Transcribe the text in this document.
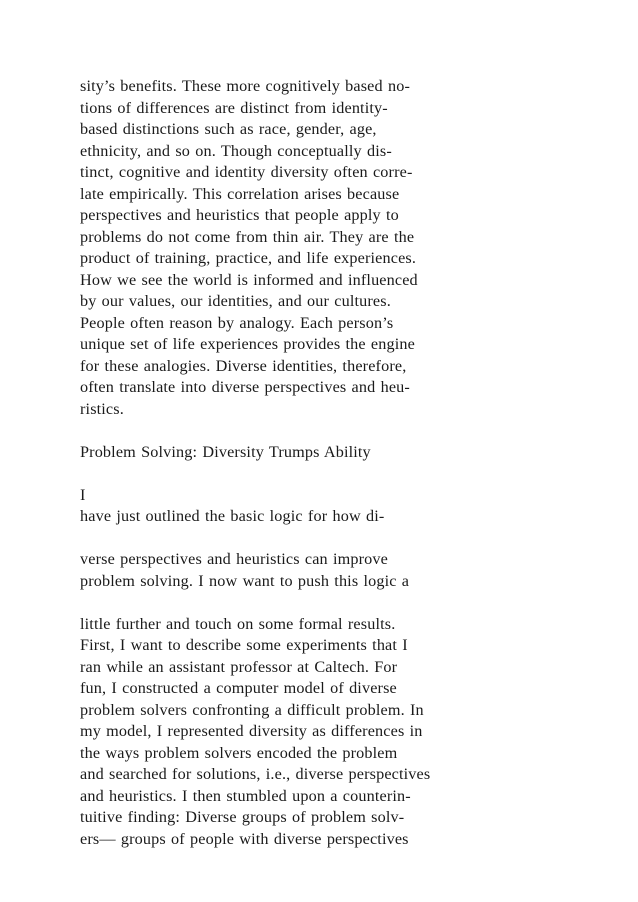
sity’s benefits. These more cognitively based no-
tions of differences are distinct from identity-
based distinctions such as race, gender, age,
ethnicity, and so on. Though conceptually dis-
tinct, cognitive and identity diversity often corre-
late empirically. This correlation arises because
perspectives and heuristics that people apply to
problems do not come from thin air. They are the
product of training, practice, and life experiences.
How we see the world is informed and influenced
by our values, our identities, and our cultures.
People often reason by analogy. Each person’s
unique set of life experiences provides the engine
for these analogies. Diverse identities, therefore,
often translate into diverse perspectives and heu-
ristics.
Problem Solving: Diversity Trumps Ability
I
have just outlined the basic logic for how di-
verse perspectives and heuristics can improve
problem solving. I now want to push this logic a
little further and touch on some formal results.
First, I want to describe some experiments that I
ran while an assistant professor at Caltech. For
fun, I constructed a computer model of diverse
problem solvers confronting a difficult problem. In
my model, I represented diversity as differences in
the ways problem solvers encoded the problem
and searched for solutions, i.e., diverse perspectives
and heuristics. I then stumbled upon a counterin-
tuitive finding: Diverse groups of problem solv-
ers— groups of people with diverse perspectives
